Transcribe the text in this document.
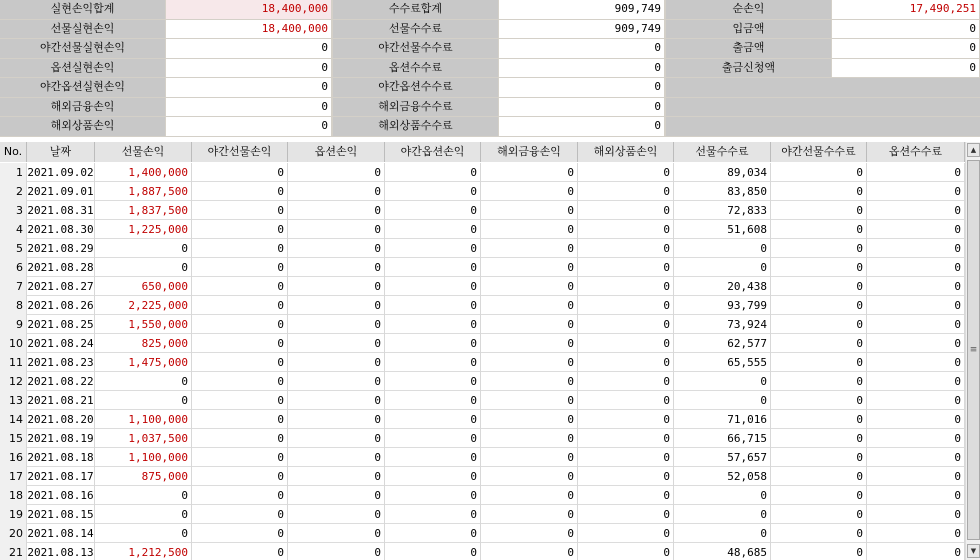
실현손익합계	18,400,000	수수료합계	909,749	순손익	17,490,251
선물실현손익	18,400,000	선물수수료	909,749	입금액	0
야간선물실현손익	0	야간선물수수료	0	출금액	0
옵션실현손익	0	옵션수수료	0	출금신청액	0
야간옵션실현손익	0	야간옵션수수료	0
해외금융손익	0	해외금융수수료	0
해외상품손익	0	해외상품수수료	0
No.	날짜	선물손익	야간선물손익	옵션손익	야간옵션손익	해외금융손익	해외상품손익	선물수수료	야간선물수수료	옵션수수료
1 2021.09.02	1,400,000	0	0	0	0	0	89,034	0	0
2 2021.09.01	1,887,500	0	0	0	0	0	83,850	0	0
3 2021.08.31	1,837,500	0	0	0	0	0	72,833	0	0
4 2021.08.30	1,225,000	0	0	0	0	0	51,608	0	0
5 2021.08.29	0	0	0	0	0	0	0	0	0
6 2021.08.28	0	0	0	0	0	0	0	0	0
7 2021.08.27	650,000	0	0	0	0	0	20,438	0	0
8 2021.08.26	2,225,000	0	0	0	0	0	93,799	0	0
9 2021.08.25	1,550,000	0	0	0	0	0	73,924	0	0
10 2021.08.24	825,000	0	0	0	0	0	62,577	0	0
11 2021.08.23	1,475,000	0	0	0	0	0	65,555	0	0
12 2021.08.22	0	0	0	0	0	0	0	0	0
13 2021.08.21	0	0	0	0	0	0	0	0	0
14 2021.08.20	1,100,000	0	0	0	0	0	71,016	0	0
15 2021.08.19	1,037,500	0	0	0	0	0	66,715	0	0
16 2021.08.18	1,100,000	0	0	0	0	0	57,657	0	0
17 2021.08.17	875,000	0	0	0	0	0	52,058	0	0
18 2021.08.16	0	0	0	0	0	0	0	0	0
19 2021.08.15	0	0	0	0	0	0	0	0	0
20 2021.08.14	0	0	0	0	0	0	0	0	0
21 2021.08.13	1,212,500	0	0	0	0	0	48,685	0	0
▲
≡
▼
